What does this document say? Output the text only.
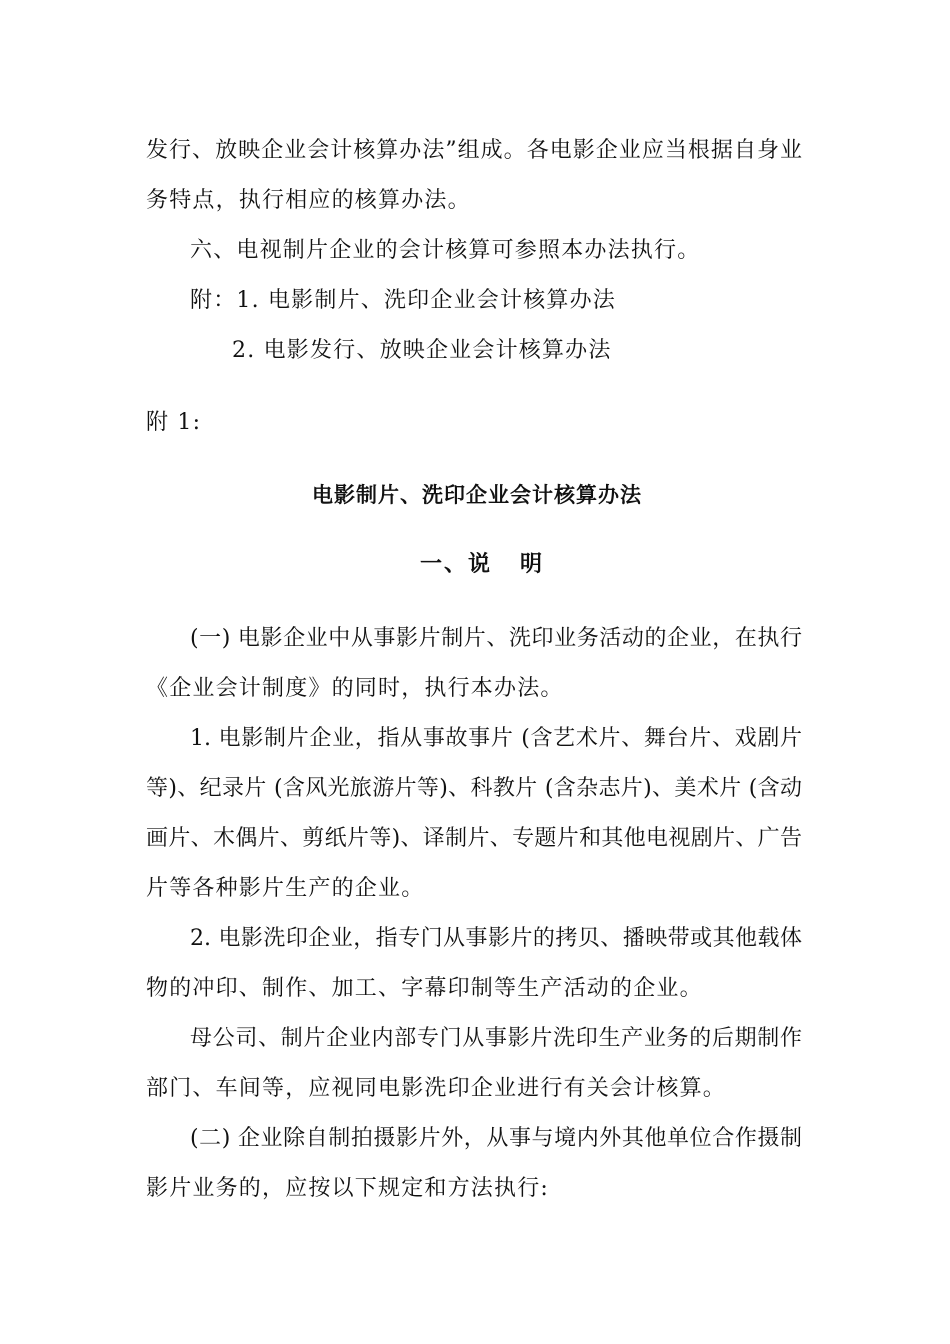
发行、放映企业会计核算办法”组成。各电影企业应当根据自身业
务特点，执行相应的核算办法。
六、电视制片企业的会计核算可参照本办法执行。
附：1. 电影制片、洗印企业会计核算办法
2. 电影发行、放映企业会计核算办法
附 1:
电影制片、洗印企业会计核算办法
一、说 明
(一) 电影企业中从事影片制片、洗印业务活动的企业，在执行
《企业会计制度》的同时，执行本办法。
1. 电影制片企业，指从事故事片 (含艺术片、舞台片、戏剧片
等)、纪录片 (含风光旅游片等)、科教片 (含杂志片)、美术片 (含动
画片、木偶片、剪纸片等)、译制片、专题片和其他电视剧片、广告
片等各种影片生产的企业。
2. 电影洗印企业，指专门从事影片的拷贝、播映带或其他载体
物的冲印、制作、加工、字幕印制等生产活动的企业。
母公司、制片企业内部专门从事影片洗印生产业务的后期制作
部门、车间等，应视同电影洗印企业进行有关会计核算。
(二) 企业除自制拍摄影片外，从事与境内外其他单位合作摄制
影片业务的，应按以下规定和方法执行:
